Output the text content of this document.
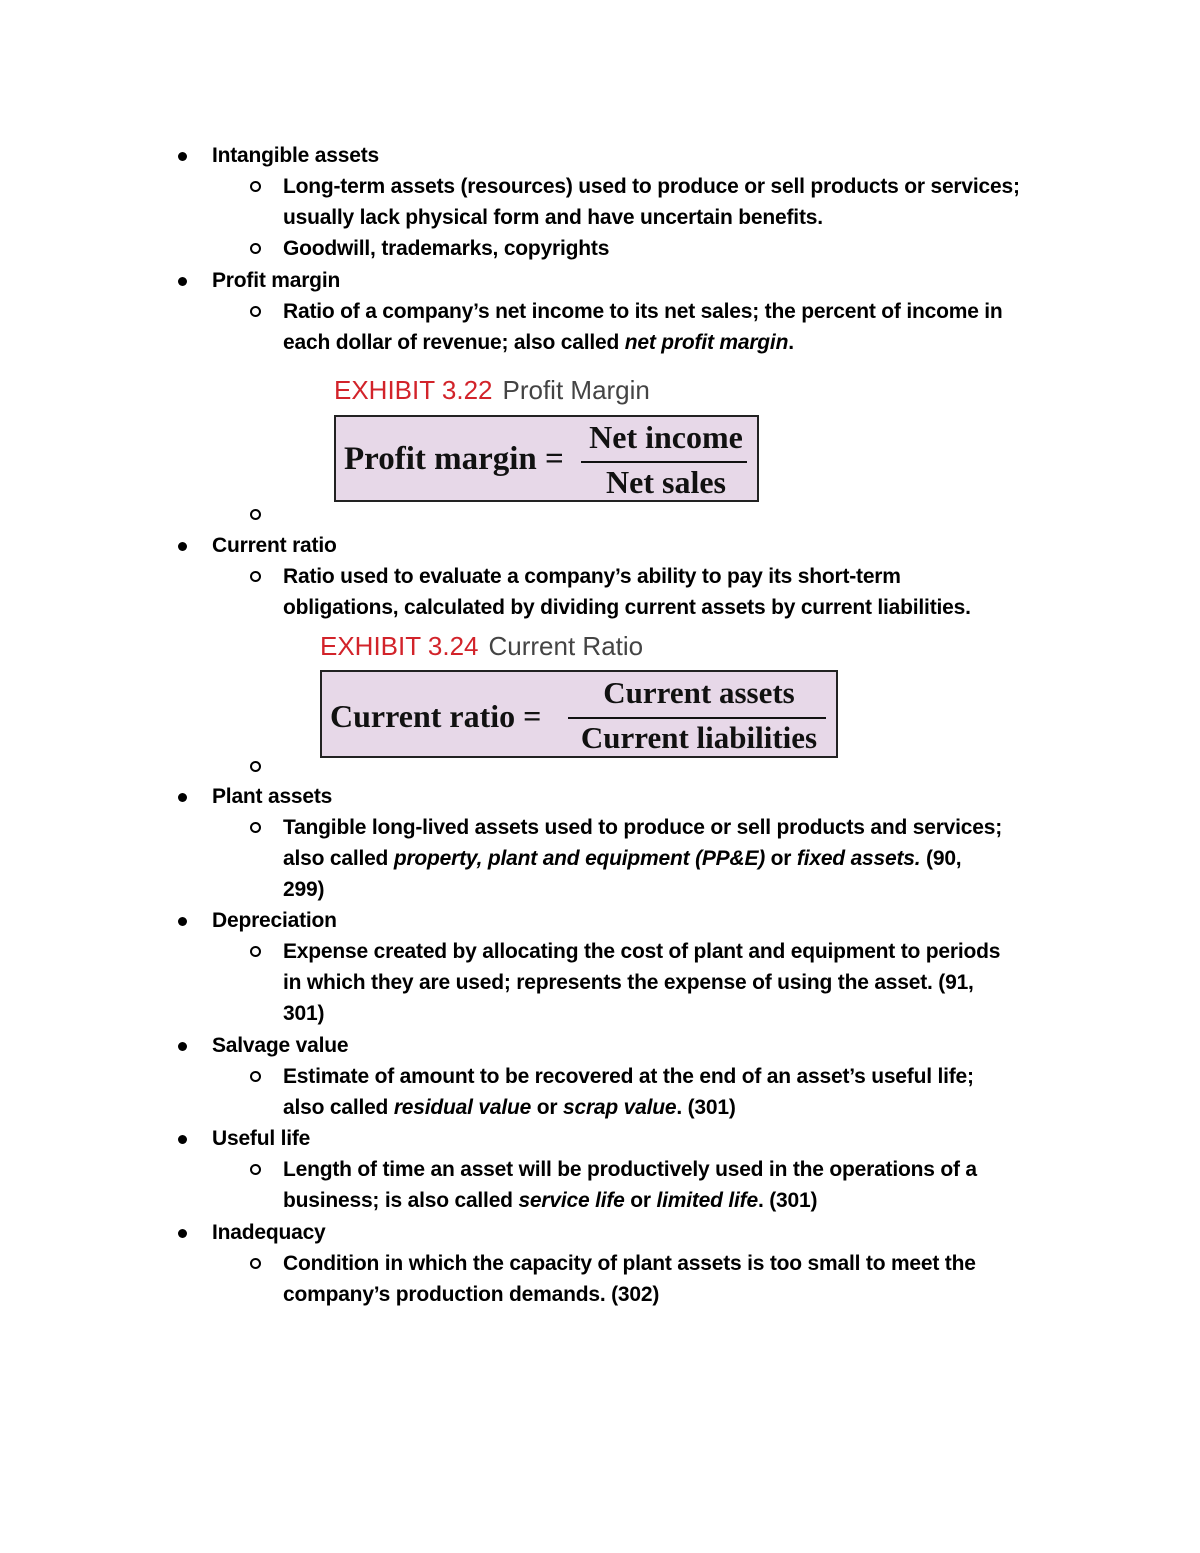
Intangible assets
Long-term assets (resources) used to produce or sell products or services;
usually lack physical form and have uncertain benefits.
Goodwill, trademarks, copyrights
Profit margin
Ratio of a company’s net income to its net sales; the percent of income in
each dollar of revenue; also called net profit margin.
EXHIBIT 3.22 Profit Margin
Profit margin =
Net income
Net sales
Current ratio
Ratio used to evaluate a company’s ability to pay its short-term
obligations, calculated by dividing current assets by current liabilities.
EXHIBIT 3.24 Current Ratio
Current ratio =
Current assets
Current liabilities
Plant assets
Tangible long-lived assets used to produce or sell products and services;
also called property, plant and equipment (PP&E) or fixed assets. (90,
299)
Depreciation
Expense created by allocating the cost of plant and equipment to periods
in which they are used; represents the expense of using the asset. (91,
301)
Salvage value
Estimate of amount to be recovered at the end of an asset’s useful life;
also called residual value or scrap value. (301)
Useful life
Length of time an asset will be productively used in the operations of a
business; is also called service life or limited life. (301)
Inadequacy
Condition in which the capacity of plant assets is too small to meet the
company’s production demands. (302)
